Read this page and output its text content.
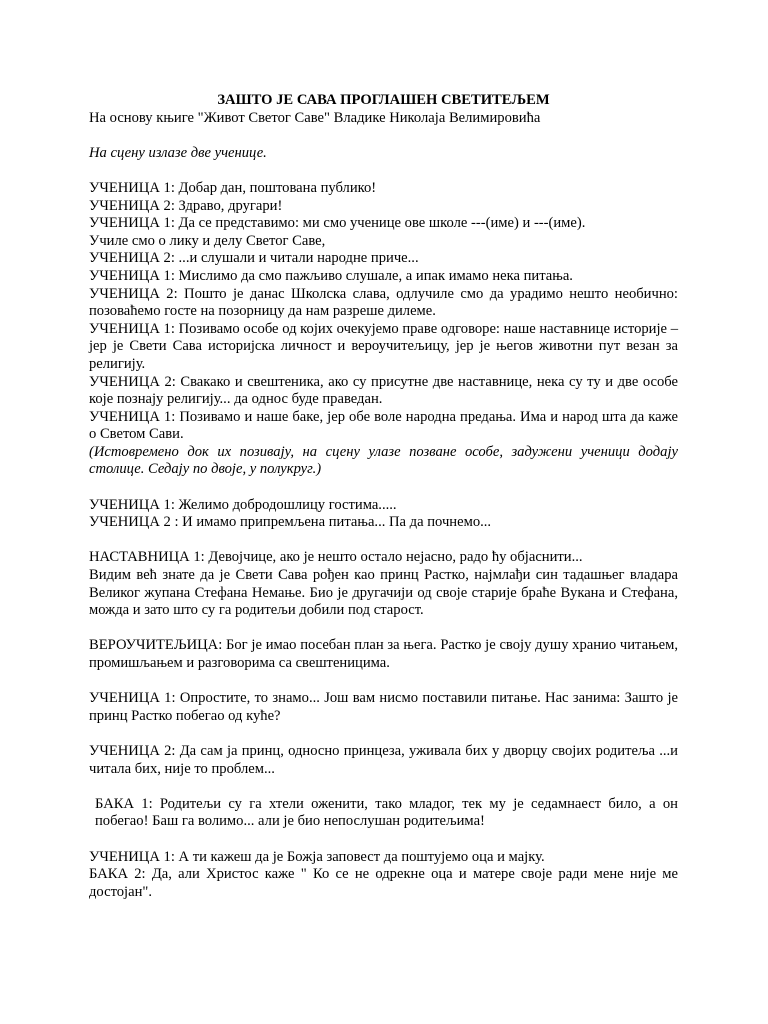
ЗАШТО ЈЕ САВА ПРОГЛАШЕН СВЕТИТЕЉЕМ

На основу књиге "Живот Светог Саве" Владике Николаја Велимировића

На сцену излазе две ученице.

УЧЕНИЦА 1: Добар дан, поштована публико!

УЧЕНИЦА 2: Здраво, другари!

УЧЕНИЦА 1: Да се представимо: ми смо ученице ове школе ---(име) и ---(име).

Училе смо о лику и делу Светог Саве,

УЧЕНИЦА 2: ...и слушали и читали народне приче...

УЧЕНИЦА 1: Мислимо да смо пажљиво слушале, а ипак имамо нека питања.

УЧЕНИЦА 2: Пошто је данас Школска слава, одлучиле смо да урадимо нешто необично: позоваћемо госте на позорницу да нам разреше дилеме.

УЧЕНИЦА 1: Позивамо особе од којих очекујемо праве одговоре: наше наставнице историје – јер је Свети Сава историјска личност и вероучитељицу, јер је његов животни пут везан за религију.

УЧЕНИЦА 2: Свакако и свештеника, ако су присутне две наставнице, нека су ту и две особе које познају религију... да однос буде праведан.

УЧЕНИЦА 1: Позивамо и наше баке, јер обе воле народна предања. Има и народ шта да каже о Светом Сави.

(Истовремено док их позивају, на сцену улазе позване особе, задужени ученици додају столице. Седају по двоје, у полукруг.)

УЧЕНИЦА 1: Желимо добродошлицу гостима.....

УЧЕНИЦА 2 : И имамо припремљена питања... Па да почнемо...

НАСТАВНИЦА 1: Девојчице, ако је нешто остало нејасно, радо ћу објаснити...

Видим већ знате да је Свети Сава рођен као принц Растко, најмлађи син тадашњег владара Великог жупана Стефана Немање. Био је другачији од своје старије браће Вукана и Стефана, можда и зато што су га родитељи добили под старост.

ВЕРОУЧИТЕЉИЦА: Бог је имао посебан план за њега. Растко је своју душу хранио читањем, промишљањем и разговорима са свештеницима.

УЧЕНИЦА 1: Опростите, то знамо... Још вам нисмо поставили питање. Нас занима: Зашто је принц Растко побегао од куће?

УЧЕНИЦА 2: Да сам ја принц, односно принцеза, уживала бих у дворцу својих родитеља ...и читала бих, није то проблем...

БАКА 1: Родитељи су га хтели оженити, тако младог, тек му је седамнаест било, а он побегао! Баш га волимо... али је био непослушан родитељима!

УЧЕНИЦА 1: А ти кажеш да је Божја заповест да поштујемо оца и мајку.

БАКА 2: Да, али Христос каже " Ко се не одрекне оца и матере своје ради мене није ме достојан".
